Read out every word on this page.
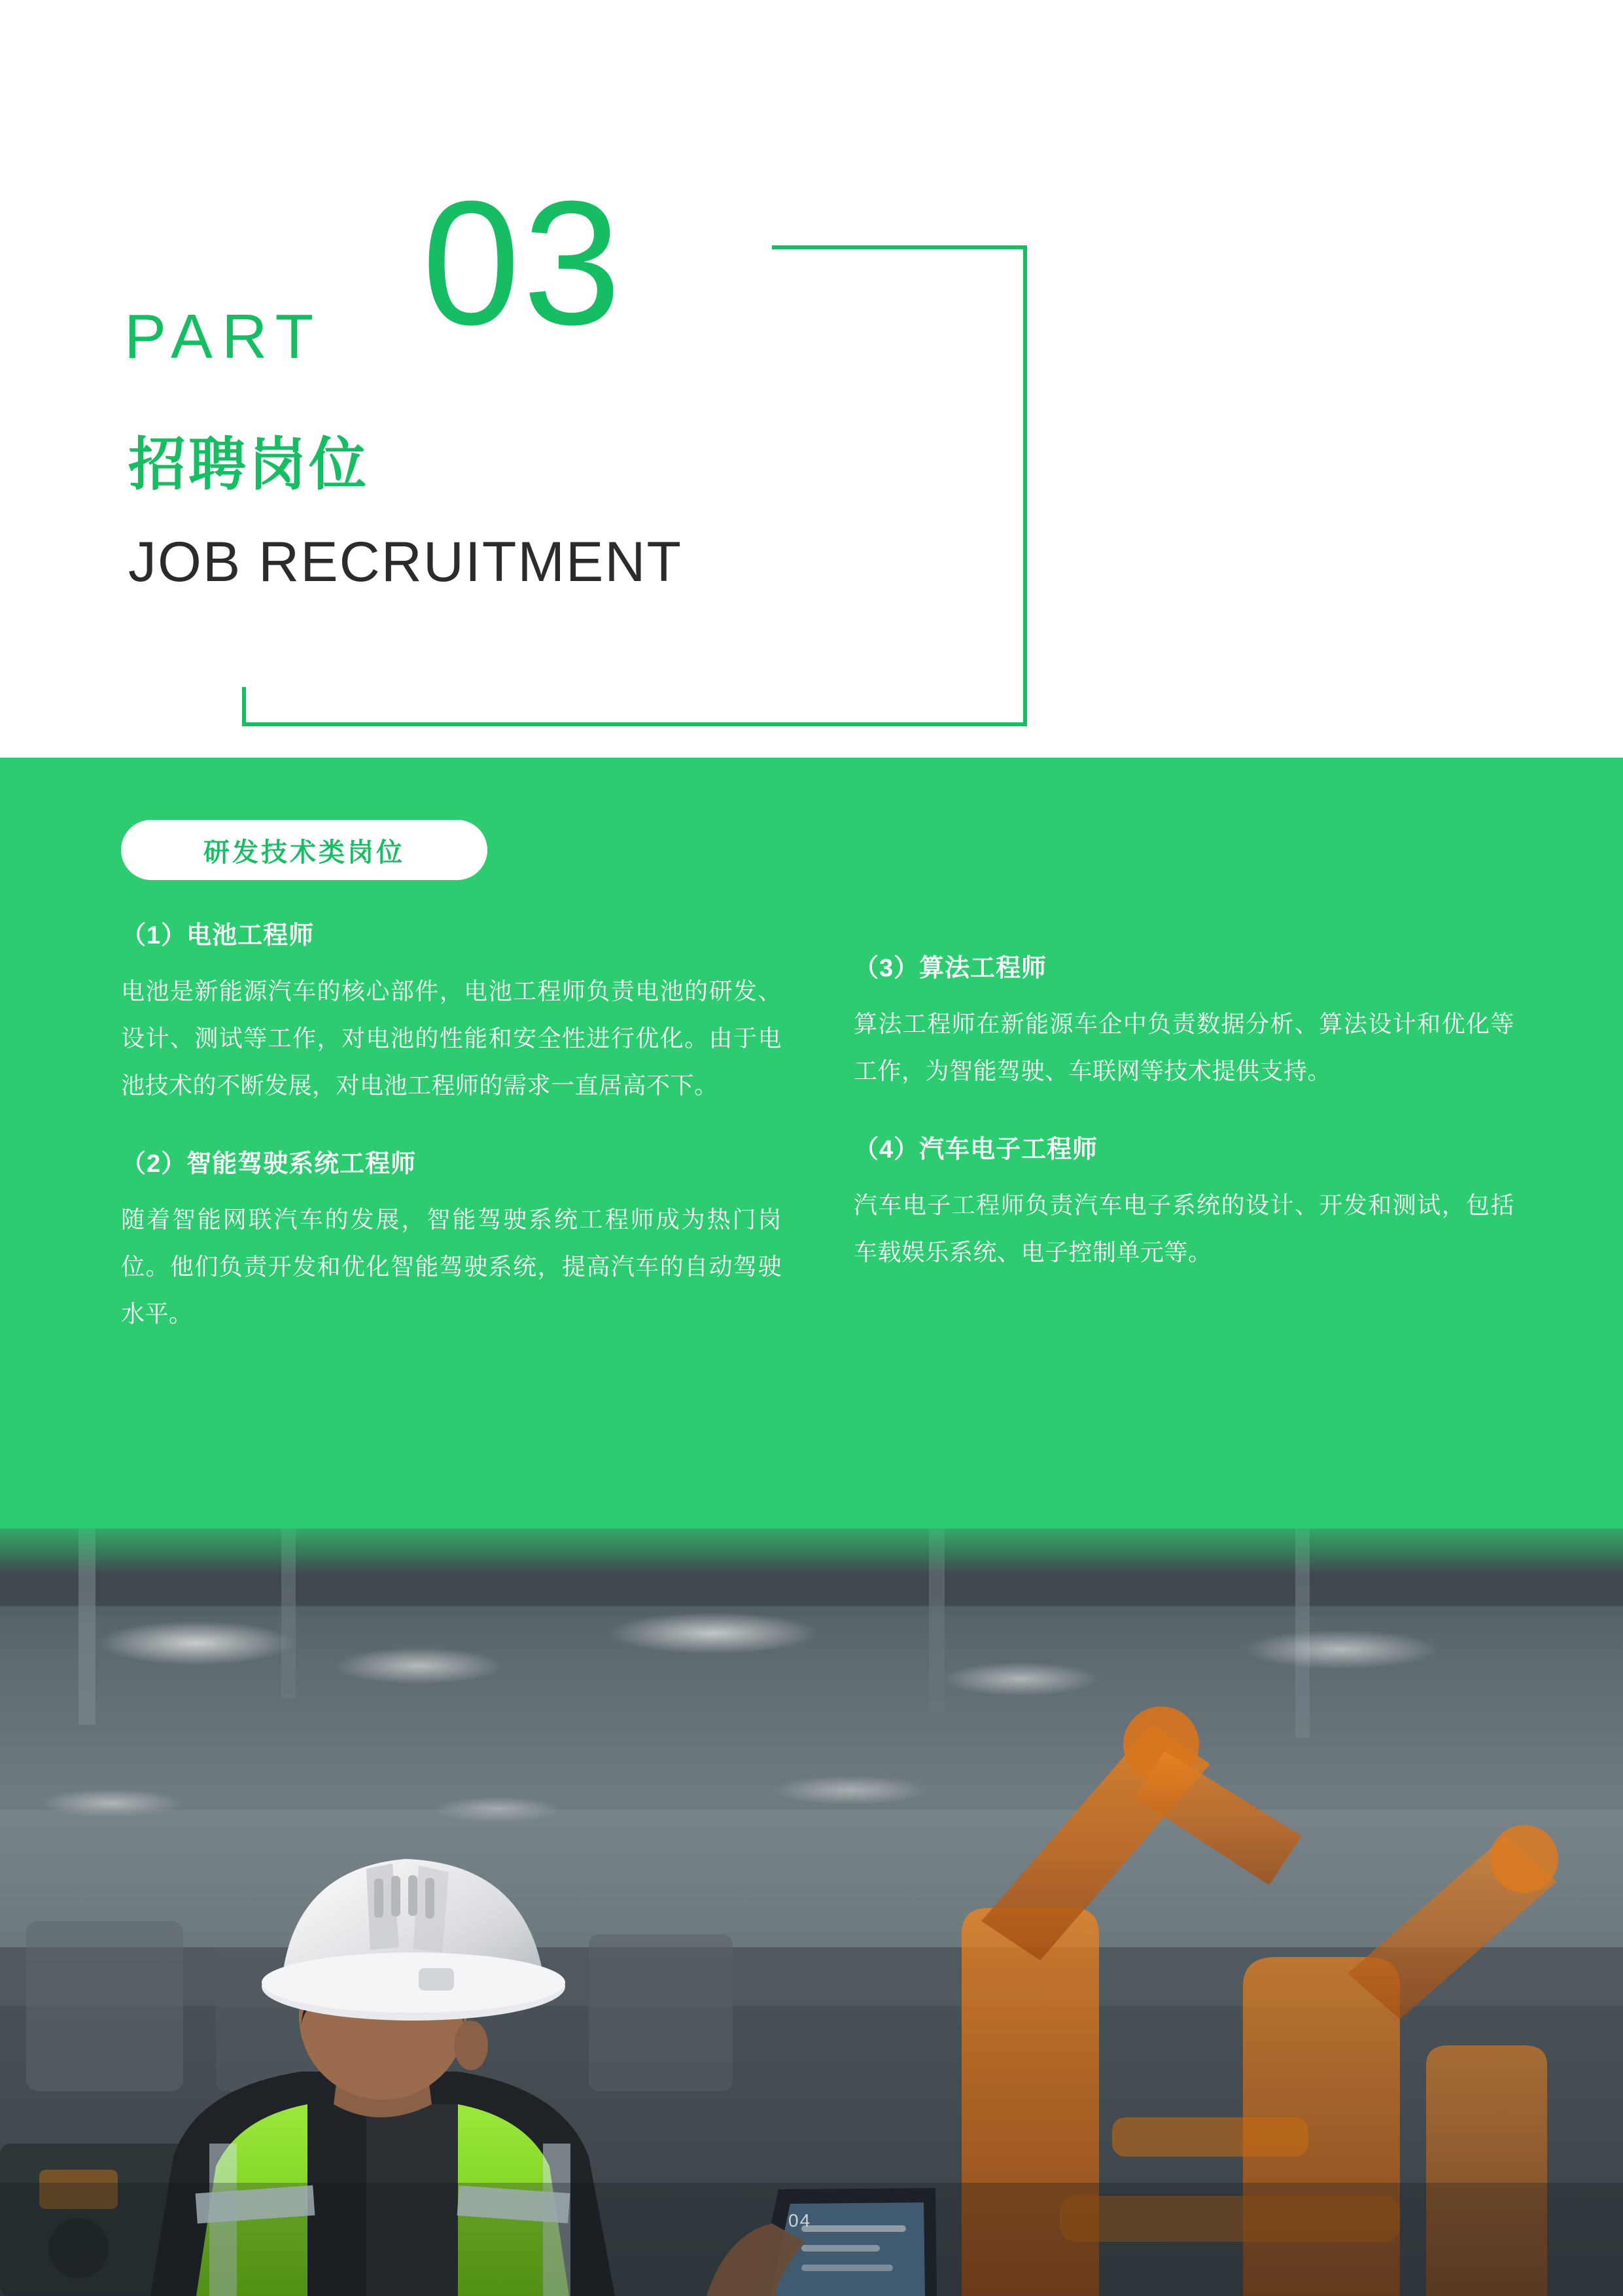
PART 03
招聘岗位
JOB RECRUITMENT
研发技术类岗位
（1）电池工程师
电池是新能源汽车的核心部件，电池工程师负责电池的研发、设计、测试等工作，对电池的性能和安全性进行优化。由于电池技术的不断发展，对电池工程师的需求一直居高不下。
（2）智能驾驶系统工程师
随着智能网联汽车的发展，智能驾驶系统工程师成为热门岗位。他们负责开发和优化智能驾驶系统，提高汽车的自动驾驶水平。
（3）算法工程师
算法工程师在新能源车企中负责数据分析、算法设计和优化等工作，为智能驾驶、车联网等技术提供支持。
（4）汽车电子工程师
汽车电子工程师负责汽车电子系统的设计、开发和测试，包括车载娱乐系统、电子控制单元等。
04
